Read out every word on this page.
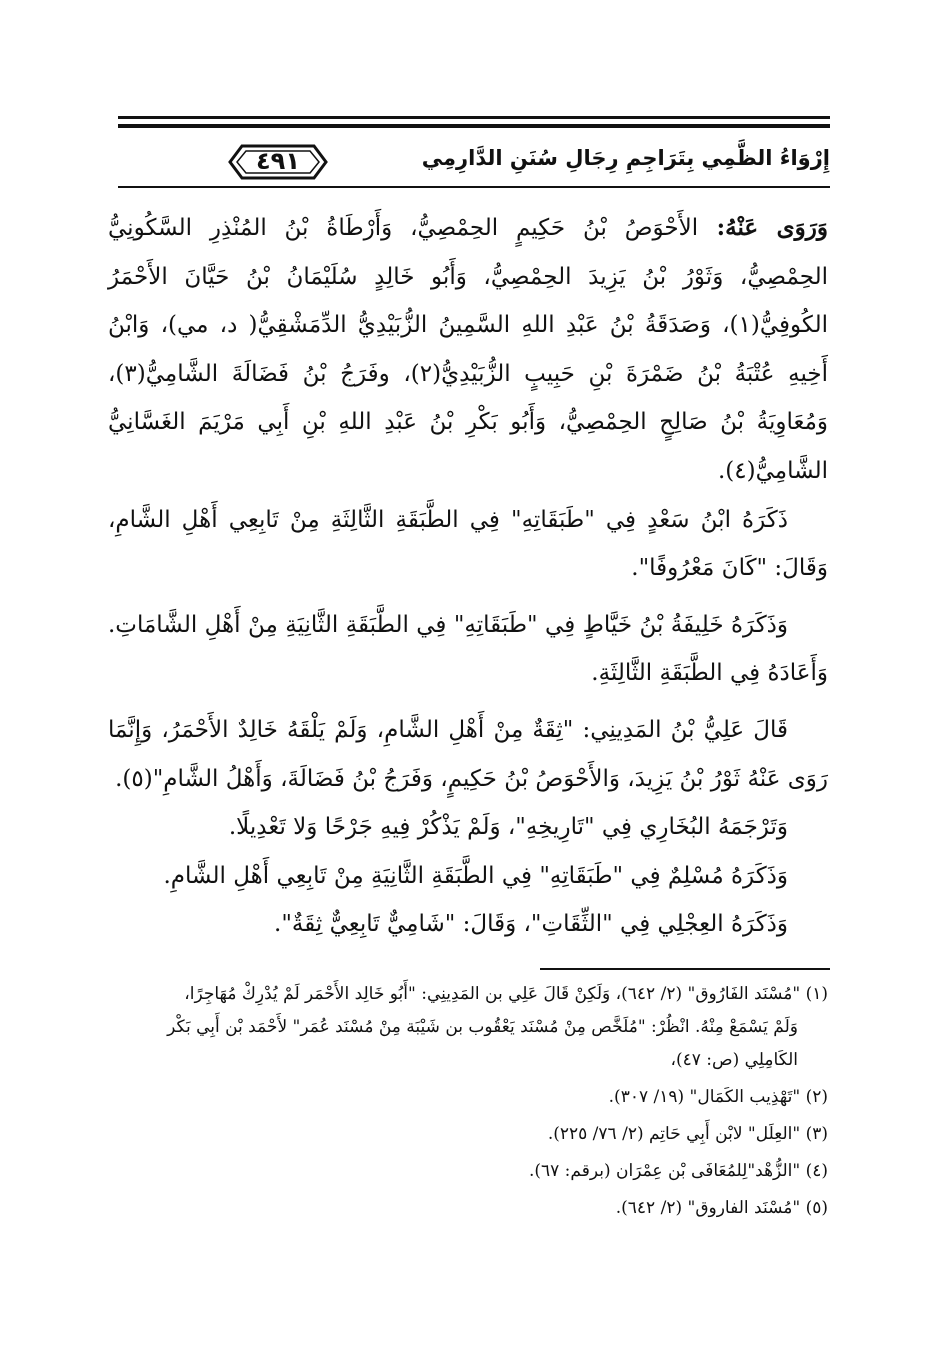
إِرْوَاءُ الظَّمِي بِتَرَاجِمِ رِجَالِ سُنَنِ الدَّارِمِي
٤٩١

وَرَوَى عَنْهُ: الأَحْوَصُ بْنُ حَكِيمٍ الحِمْصِيُّ، وَأَرْطَاةُ بْنُ المُنْذِرِ السَّكُونِيُّ الحِمْصِيُّ، وَثَوْرُ بْنُ يَزِيدَ الحِمْصِيُّ، وَأَبُو خَالِدٍ سُلَيْمَانُ بْنُ حَيَّانَ الأَحْمَرُ الكُوفِيُّ(١)، وَصَدَقَةُ بْنُ عَبْدِ اللهِ السَّمِينُ الزُّبَيْدِيُّ الدِّمَشْقِيُّ( د، مي)، وَابْنُ أَخِيهِ عُتْبَةُ بْنُ ضَمْرَةَ بْنِ حَبِيبٍ الزُّبَيْدِيُّ(٢)، وفَرَجُ بْنُ فَضَالَةَ الشَّامِيُّ(٣)، وَمُعَاوِيَةُ بْنُ صَالِحٍ الحِمْصِيُّ، وَأَبُو بَكْرِ بْنُ عَبْدِ اللهِ بْنِ أَبِي مَرْيَمَ الغَسَّانِيُّ الشَّامِيُّ(٤).

ذَكَرَهُ ابْنُ سَعْدٍ فِي "طَبَقَاتِهِ" فِي الطَّبَقَةِ الثَّالِثَةِ مِنْ تَابِعِي أَهْلِ الشَّامِ، وَقَالَ: "كَانَ مَعْرُوفًا".

وَذَكَرَهُ خَلِيفَةُ بْنُ خَيَّاطٍ فِي "طَبَقَاتِهِ" فِي الطَّبَقَةِ الثَّانِيَةِ مِنْ أَهْلِ الشَّامَاتِ. وَأَعَادَهُ فِي الطَّبَقَةِ الثَّالِثَةِ.

قَالَ عَلِيُّ بْنُ المَدِينِي: "ثِقَةٌ مِنْ أَهْلِ الشَّامِ، وَلَمْ يَلْقَهُ خَالِدٌ الأَحْمَرُ، وَإِنَّمَا رَوَى عَنْهُ ثَوْرُ بْنُ يَزِيدَ، وَالأَحْوَصُ بْنُ حَكِيمٍ، وَفَرَجُ بْنُ فَضَالَةَ، وَأَهْلُ الشَّامِ"(٥).

وَتَرْجَمَهُ البُخَارِي فِي "تَارِيخِهِ"، وَلَمْ يَذْكُرْ فِيهِ جَرْحًا وَلا تَعْدِيلًا.

وَذَكَرَهُ مُسْلِمٌ فِي "طَبَقَاتِهِ" فِي الطَّبَقَةِ الثَّانِيَةِ مِنْ تَابِعِي أَهْلِ الشَّامِ.

وَذَكَرَهُ العِجْلِي فِي "الثِّقَاتِ"، وَقَالَ: "شَامِيٌّ تَابِعِيٌّ ثِقَةٌ".

(١) "مُسْنَد الفَارُوق" (٢/ ٦٤٢)، وَلَكِنْ قَالَ عَلِي بن المَدِينِي: "أَبُو خَالِد الأَحْمَر لَمْ يُدْرِكْ مُهَاجِرًا،

وَلَمْ يَسْمَعْ مِنْهُ. انْظُرْ: "مُلَخَّص مِنْ مُسْنَد يَعْقُوب بن شَيْبَة مِنْ مُسْنَد عُمَر" لأَحْمَد بْن أَبِي بَكْر

الكَامِلِي (ص: ٤٧)،

(٢) "تَهْذِيب الكَمَال" (١٩/ ٣٠٧).

(٣) "العِلَل" لابْن أَبِي حَاتِم (٢/ ٧٦/ ٢٢٥).

(٤) "الزُّهْد"لِلمُعَافَى بْن عِمْرَان (برقم: ٦٧).

(٥) "مُسْنَد الفاروق" (٢/ ٦٤٢).
